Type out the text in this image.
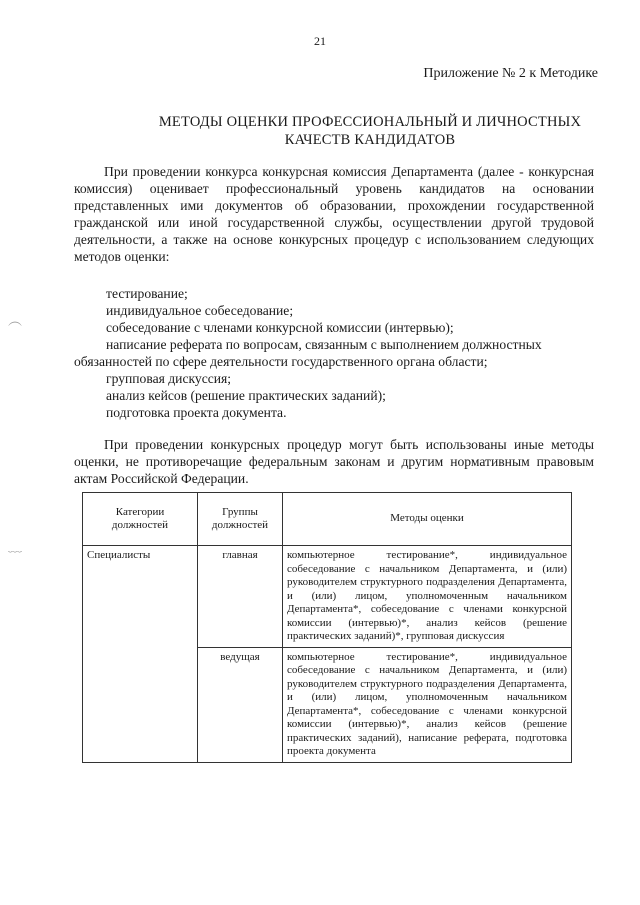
21
Приложение № 2 к Методике
МЕТОДЫ ОЦЕНКИ ПРОФЕССИОНАЛЬНЫЙ И ЛИЧНОСТНЫХ
КАЧЕСТВ КАНДИДАТОВ

При проведении конкурса конкурсная комиссия Департамента (далее - конкурсная комиссия) оценивает профессиональный уровень кандидатов на основании представленных ими документов об образовании, прохождении государственной гражданской или иной государственной службы, осуществлении другой трудовой деятельности, а также на основе конкурсных процедур с использованием следующих методов оценки:

тестирование;
индивидуальное собеседование;
собеседование с членами конкурсной комиссии (интервью);
написание реферата по вопросам, связанным с выполнением должностных обязанностей по сфере деятельности государственного органа области;
групповая дискуссия;
анализ кейсов (решение практических заданий);
подготовка проекта документа.

При проведении конкурсных процедур могут быть использованы иные методы оценки, не противоречащие федеральным законам и другим нормативным правовым актам Российской Федерации.

Категории должностей	Группы должностей	Методы оценки
Специалисты	главная	компьютерное тестирование*, индивидуальное собеседование с начальником Департамента, и (или) руководителем структурного подразделения Департамента, и (или) лицом, уполномоченным начальником Департамента*, собеседование с членами конкурсной комиссии (интервью)*, анализ кейсов (решение практических заданий)*, групповая дискуссия
	ведущая	компьютерное тестирование*, индивидуальное собеседование с начальником Департамента, и (или) руководителем структурного подразделения Департамента, и (или) лицом, уполномоченным начальником Департамента*, собеседование с членами конкурсной комиссии (интервью)*, анализ кейсов (решение практических заданий), написание реферата, подготовка проекта документа
︵
﹋
